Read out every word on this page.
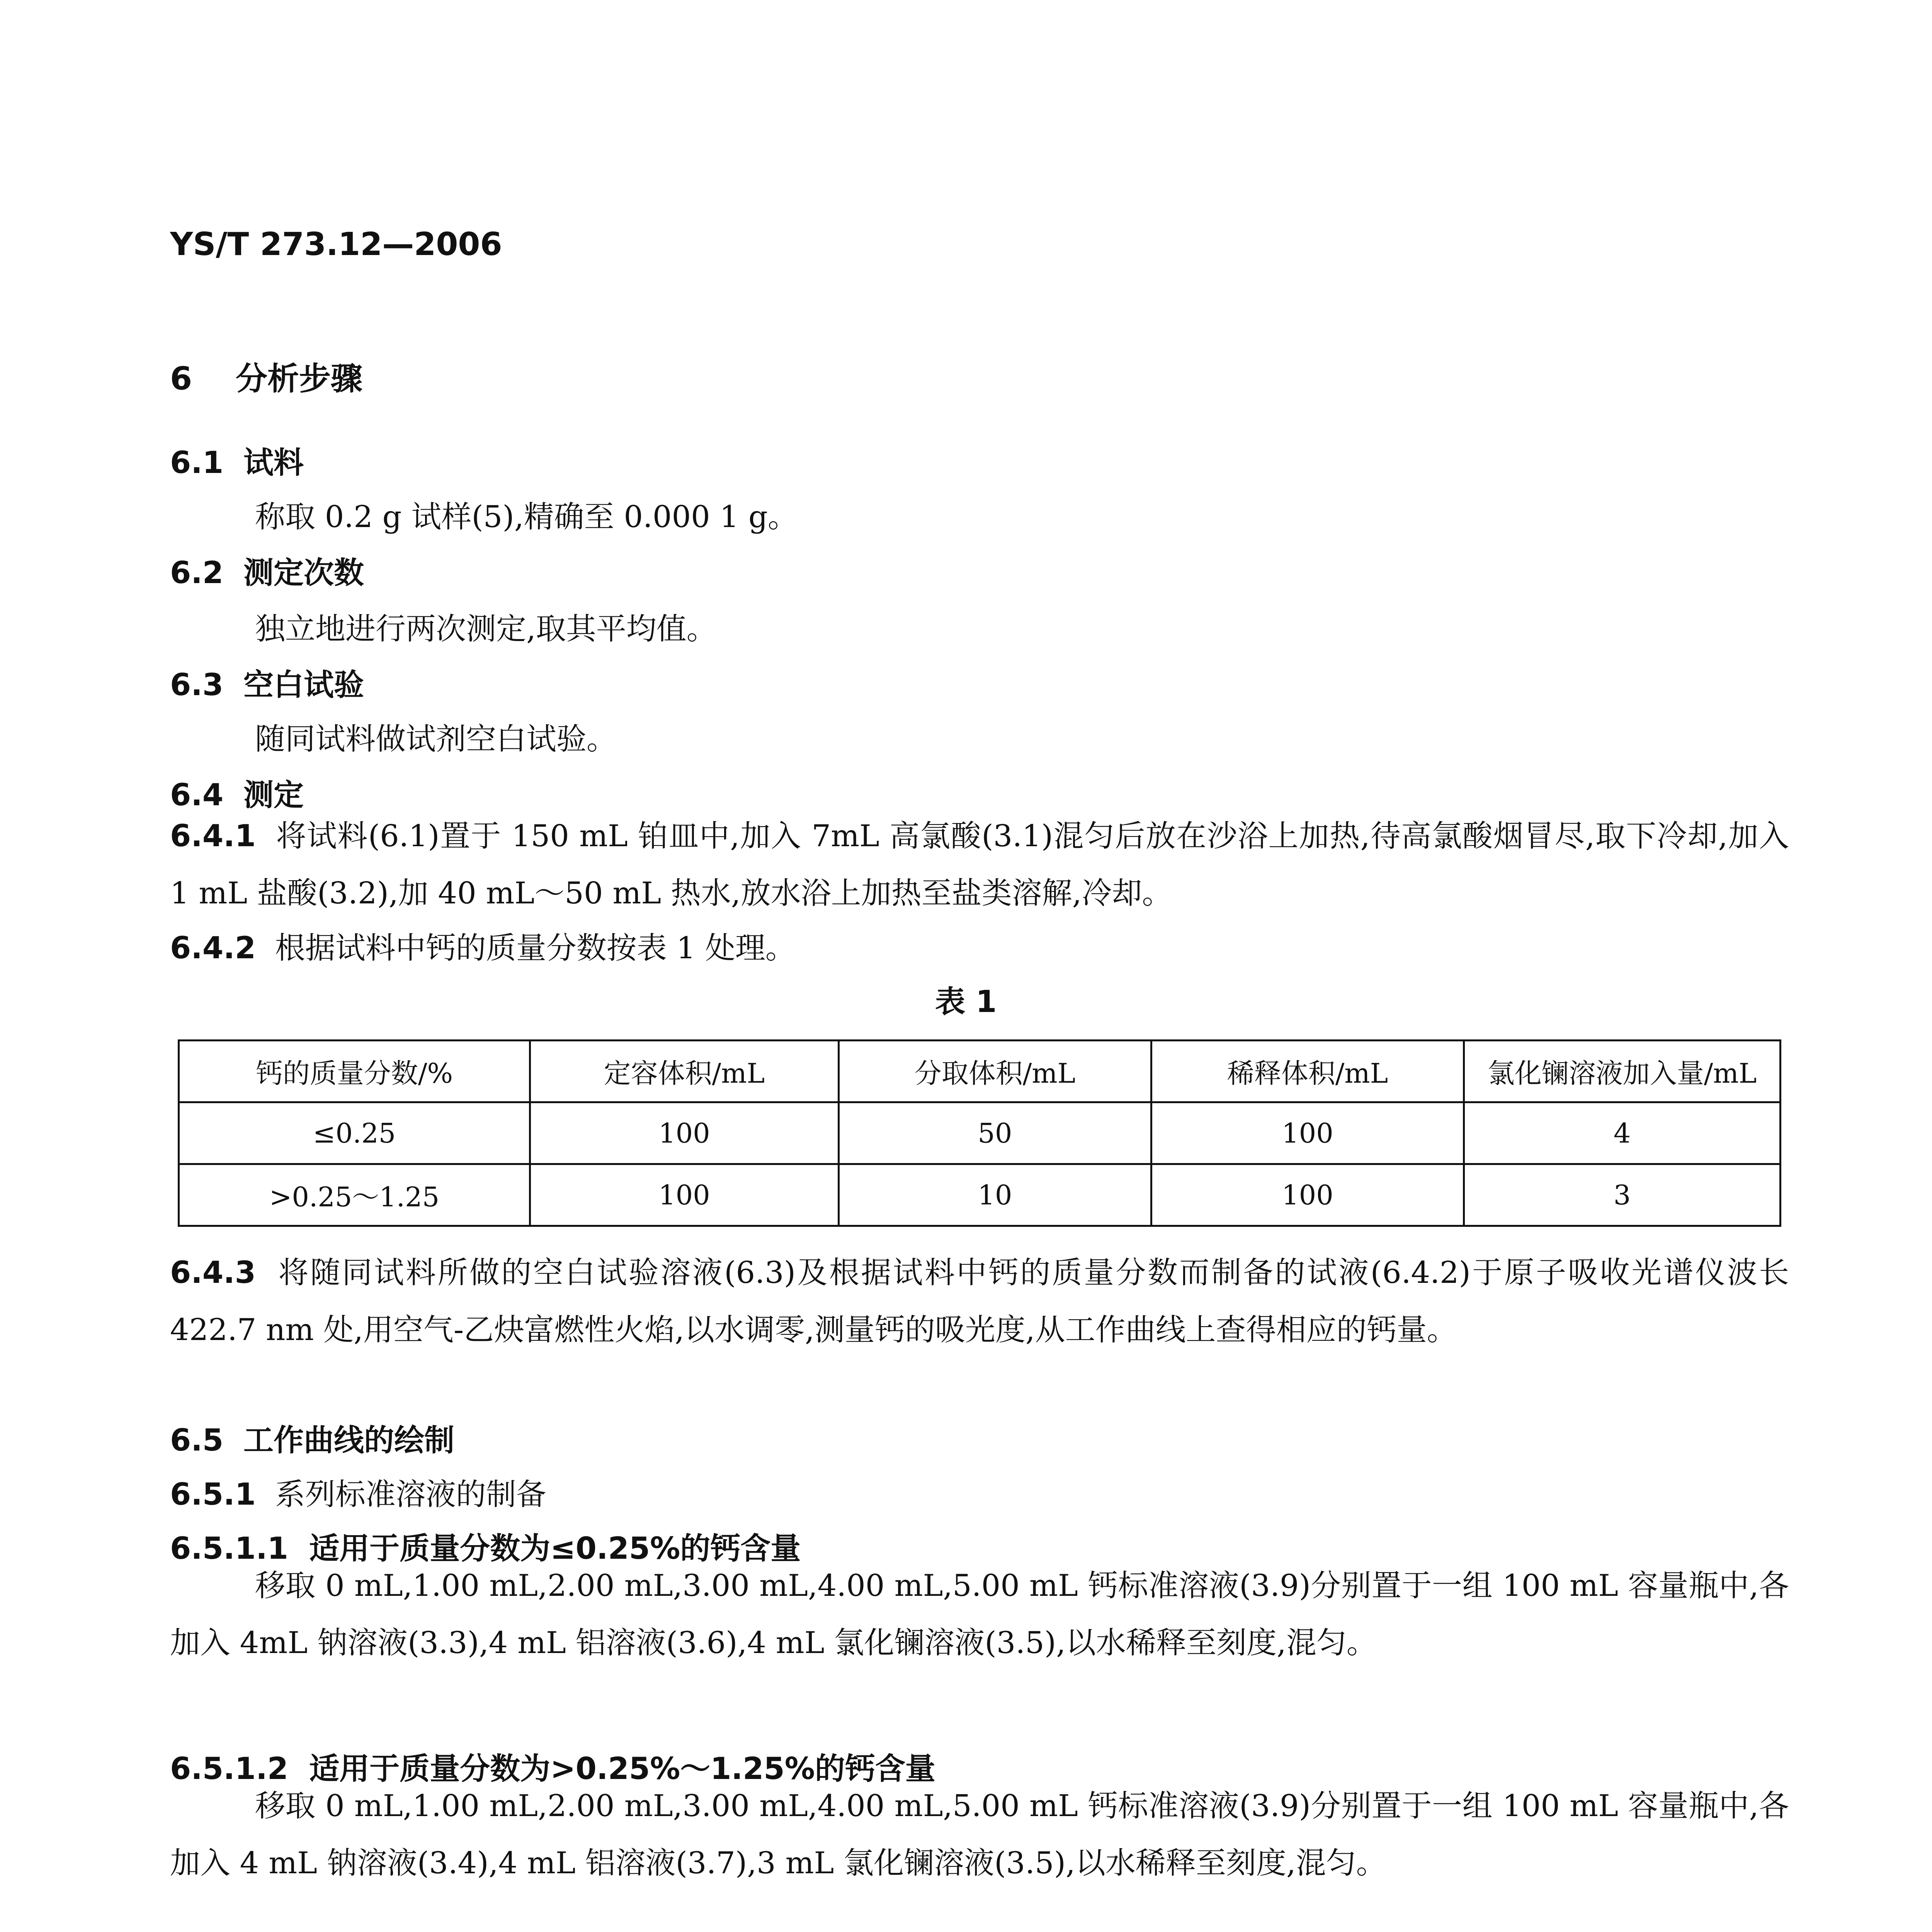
YS/T 273.12—2006
6 分析步骤
6.1 试料
称取 0.2 g 试样(5),精确至 0.000 1 g。
6.2 测定次数
独立地进行两次测定,取其平均值。
6.3 空白试验
随同试料做试剂空白试验。
6.4 测定
6.4.1 将试料(6.1)置于 150 mL 铂皿中,加入 7mL 高氯酸(3.1)混匀后放在沙浴上加热,待高氯酸烟冒尽,取下冷却,加入 1 mL 盐酸(3.2),加 40 mL～50 mL 热水,放水浴上加热至盐类溶解,冷却。
6.4.2 根据试料中钙的质量分数按表 1 处理。
表 1
钙的质量分数/%	定容体积/mL	分取体积/mL	稀释体积/mL	氯化镧溶液加入量/mL
≤0.25	100	50	100	4
>0.25～1.25	100	10	100	3
6.4.3 将随同试料所做的空白试验溶液(6.3)及根据试料中钙的质量分数而制备的试液(6.4.2)于原子吸收光谱仪波长 422.7 nm 处,用空气-乙炔富燃性火焰,以水调零,测量钙的吸光度,从工作曲线上查得相应的钙量。
6.5 工作曲线的绘制
6.5.1 系列标准溶液的制备
6.5.1.1 适用于质量分数为≤0.25%的钙含量
移取 0 mL,1.00 mL,2.00 mL,3.00 mL,4.00 mL,5.00 mL 钙标准溶液(3.9)分别置于一组 100 mL 容量瓶中,各加入 4mL 钠溶液(3.3),4 mL 铝溶液(3.6),4 mL 氯化镧溶液(3.5),以水稀释至刻度,混匀。
6.5.1.2 适用于质量分数为>0.25%～1.25%的钙含量
移取 0 mL,1.00 mL,2.00 mL,3.00 mL,4.00 mL,5.00 mL 钙标准溶液(3.9)分别置于一组 100 mL 容量瓶中,各加入 4 mL 钠溶液(3.4),4 mL 铝溶液(3.7),3 mL 氯化镧溶液(3.5),以水稀释至刻度,混匀。
